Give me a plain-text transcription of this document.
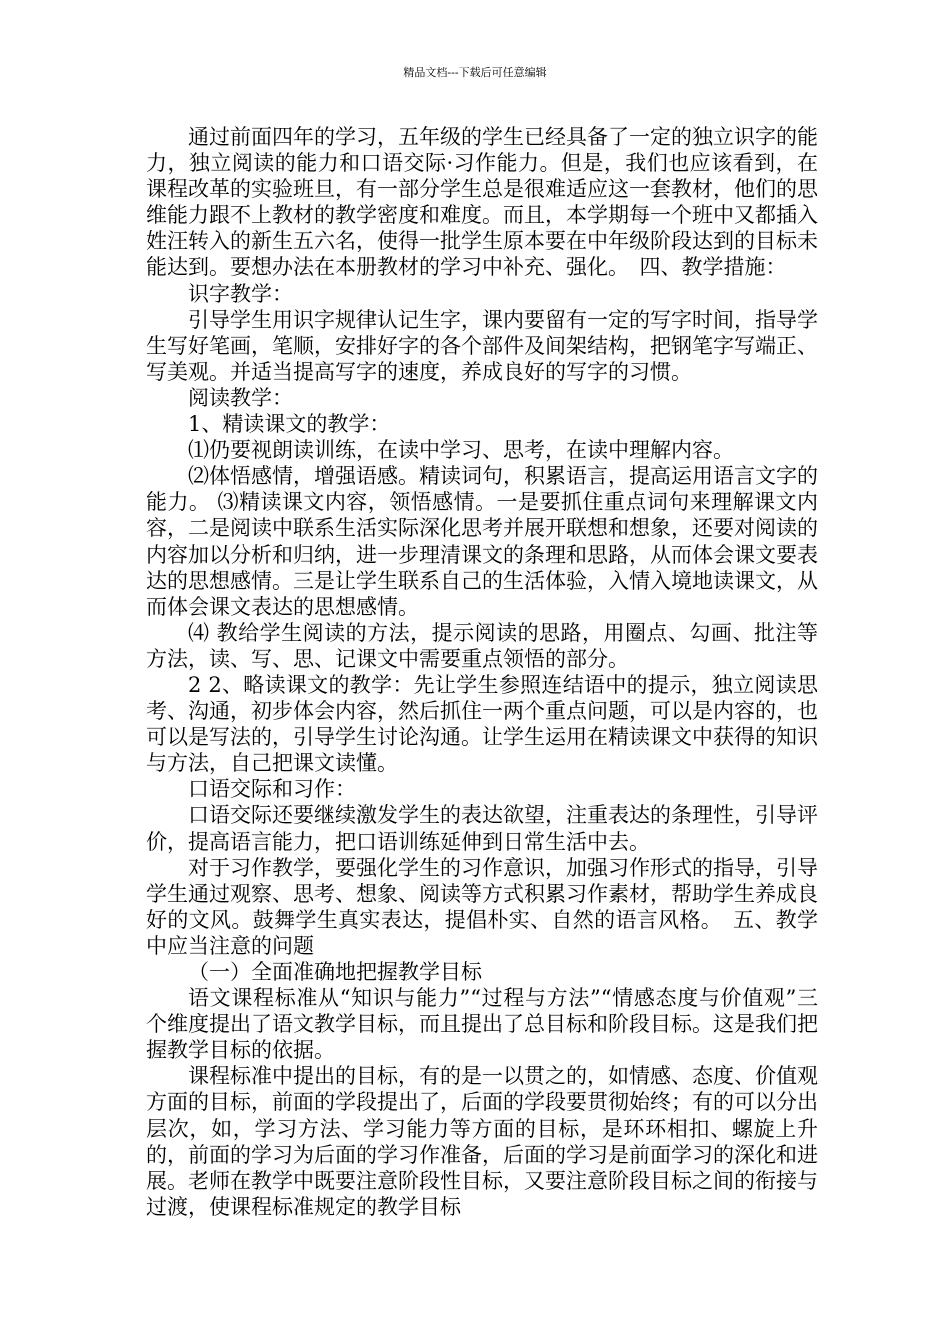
精品文档---下载后可任意编辑

通过前面四年的学习，五年级的学生已经具备了一定的独立识字的能力，独立阅读的能力和口语交际·习作能力。但是，我们也应该看到，在课程改革的实验班旦，有一部分学生总是很难适应这一套教材，他们的思维能力跟不上教材的教学密度和难度。而且，本学期每一个班中又都插入姓汪转入的新生五六名，使得一批学生原本要在中年级阶段达到的目标未能达到。要想办法在本册教材的学习中补充、强化。　四、教学措施：

识字教学：

引导学生用识字规律认记生字，课内要留有一定的写字时间，指导学生写好笔画，笔顺，安排好字的各个部件及间架结构，把钢笔字写端正、写美观。并适当提高写字的速度，养成良好的写字的习惯。

阅读教学：

1、精读课文的教学：

⑴仍要视朗读训练，在读中学习、思考，在读中理解内容。

⑵体悟感情，增强语感。精读词句，积累语言，提高运用语言文字的能力。 ⑶精读课文内容，领悟感情。一是要抓住重点词句来理解课文内容，二是阅读中联系生活实际深化思考并展开联想和想象，还要对阅读的内容加以分析和归纳，进一步理清课文的条理和思路，从而体会课文要表达的思想感情。三是让学生联系自己的生活体验，入情入境地读课文，从而体会课文表达的思想感情。

⑷ 教给学生阅读的方法，提示阅读的思路，用圈点、勾画、批注等方法，读、写、思、记课文中需要重点领悟的部分。

2 2、略读课文的教学：先让学生参照连结语中的提示，独立阅读思考、沟通，初步体会内容，然后抓住一两个重点问题，可以是内容的，也可以是写法的，引导学生讨论沟通。让学生运用在精读课文中获得的知识与方法，自己把课文读懂。

口语交际和习作：

口语交际还要继续激发学生的表达欲望，注重表达的条理性，引导评价，提高语言能力，把口语训练延伸到日常生活中去。

对于习作教学，要强化学生的习作意识，加强习作形式的指导，引导学生通过观察、思考、想象、阅读等方式积累习作素材，帮助学生养成良好的文风。鼓舞学生真实表达，提倡朴实、自然的语言风格。　五、教学中应当注意的问题

（一）全面准确地把握教学目标

语文课程标准从“知识与能力”“过程与方法”“情感态度与价值观”三个维度提出了语文教学目标，而且提出了总目标和阶段目标。这是我们把握教学目标的依据。

课程标准中提出的目标，有的是一以贯之的，如情感、态度、价值观方面的目标，前面的学段提出了，后面的学段要贯彻始终；有的可以分出层次，如，学习方法、学习能力等方面的目标，是环环相扣、螺旋上升的，前面的学习为后面的学习作准备，后面的学习是前面学习的深化和进展。老师在教学中既要注意阶段性目标，又要注意阶段目标之间的衔接与过渡，使课程标准规定的教学目标
